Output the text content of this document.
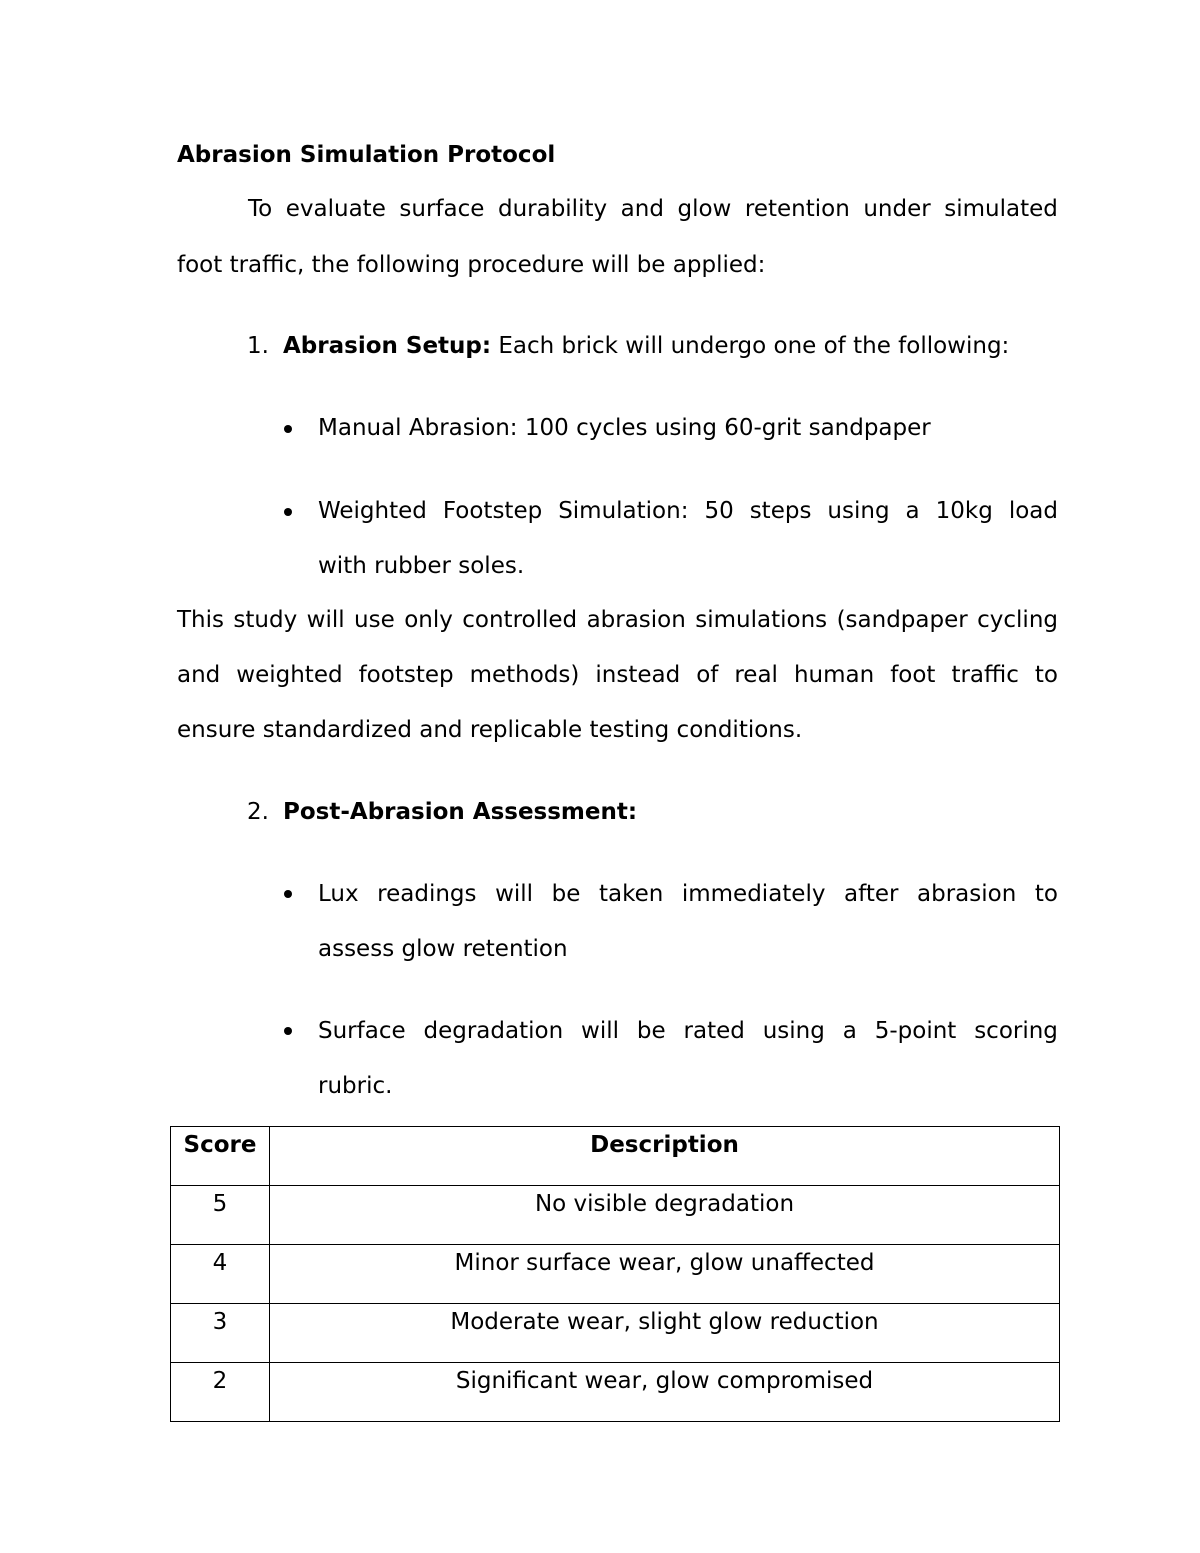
Abrasion Simulation Protocol
To evaluate surface durability and glow retention under simulated
foot traffic, the following procedure will be applied:
1. Abrasion Setup: Each brick will undergo one of the following:
Manual Abrasion: 100 cycles using 60-grit sandpaper
Weighted Footstep Simulation: 50 steps using a 10kg load
with rubber soles.
This study will use only controlled abrasion simulations (sandpaper cycling
and weighted footstep methods) instead of real human foot traffic to
ensure standardized and replicable testing conditions.
2. Post-Abrasion Assessment:
Lux readings will be taken immediately after abrasion to
assess glow retention
Surface degradation will be rated using a 5-point scoring
rubric.
Score	Description
5	No visible degradation
4	Minor surface wear, glow unaffected
3	Moderate wear, slight glow reduction
2	Significant wear, glow compromised
